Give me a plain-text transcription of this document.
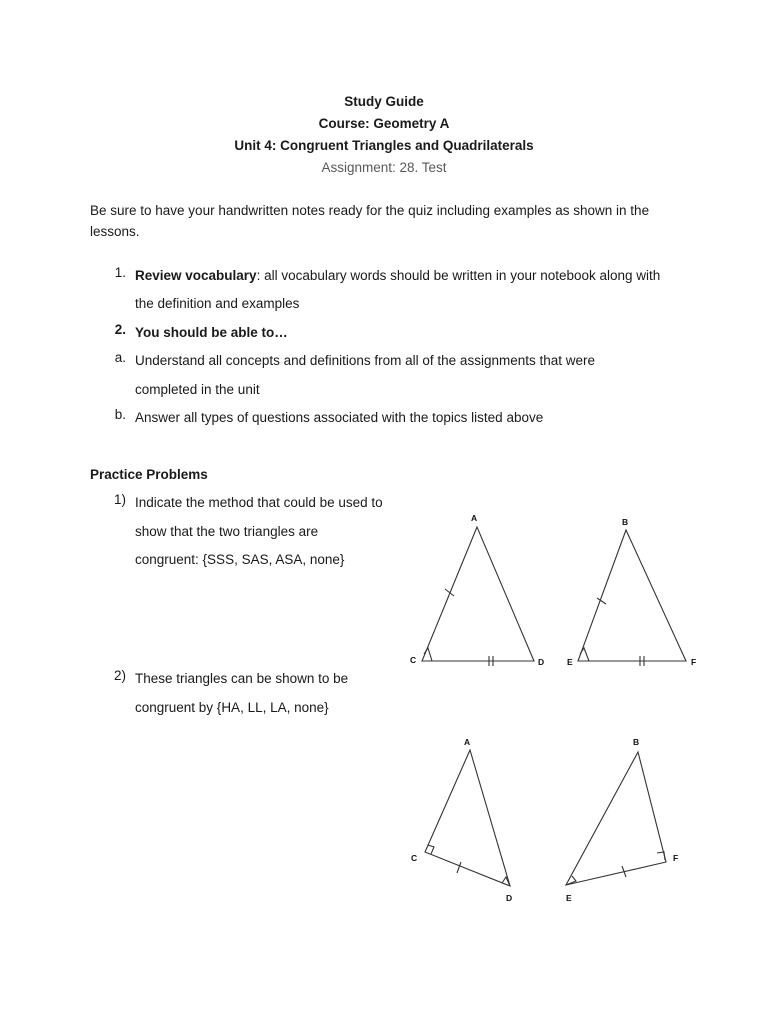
Study Guide
Course: Geometry A
Unit 4: Congruent Triangles and Quadrilaterals
Assignment: 28. Test
Be sure to have your handwritten notes ready for the quiz including examples as shown in the lessons.
1. Review vocabulary: all vocabulary words should be written in your notebook along with
the definition and examples
2. You should be able to…
a. Understand all concepts and definitions from all of the assignments that were
completed in the unit
b. Answer all types of questions associated with the topics listed above
Practice Problems
1) Indicate the method that could be used to
show that the two triangles are
congruent: {SSS, SAS, ASA, none}
2) These triangles can be shown to be
congruent by {HA, LL, LA, none}
A
C	D
B
E	F
A
C
D
B
E
F
